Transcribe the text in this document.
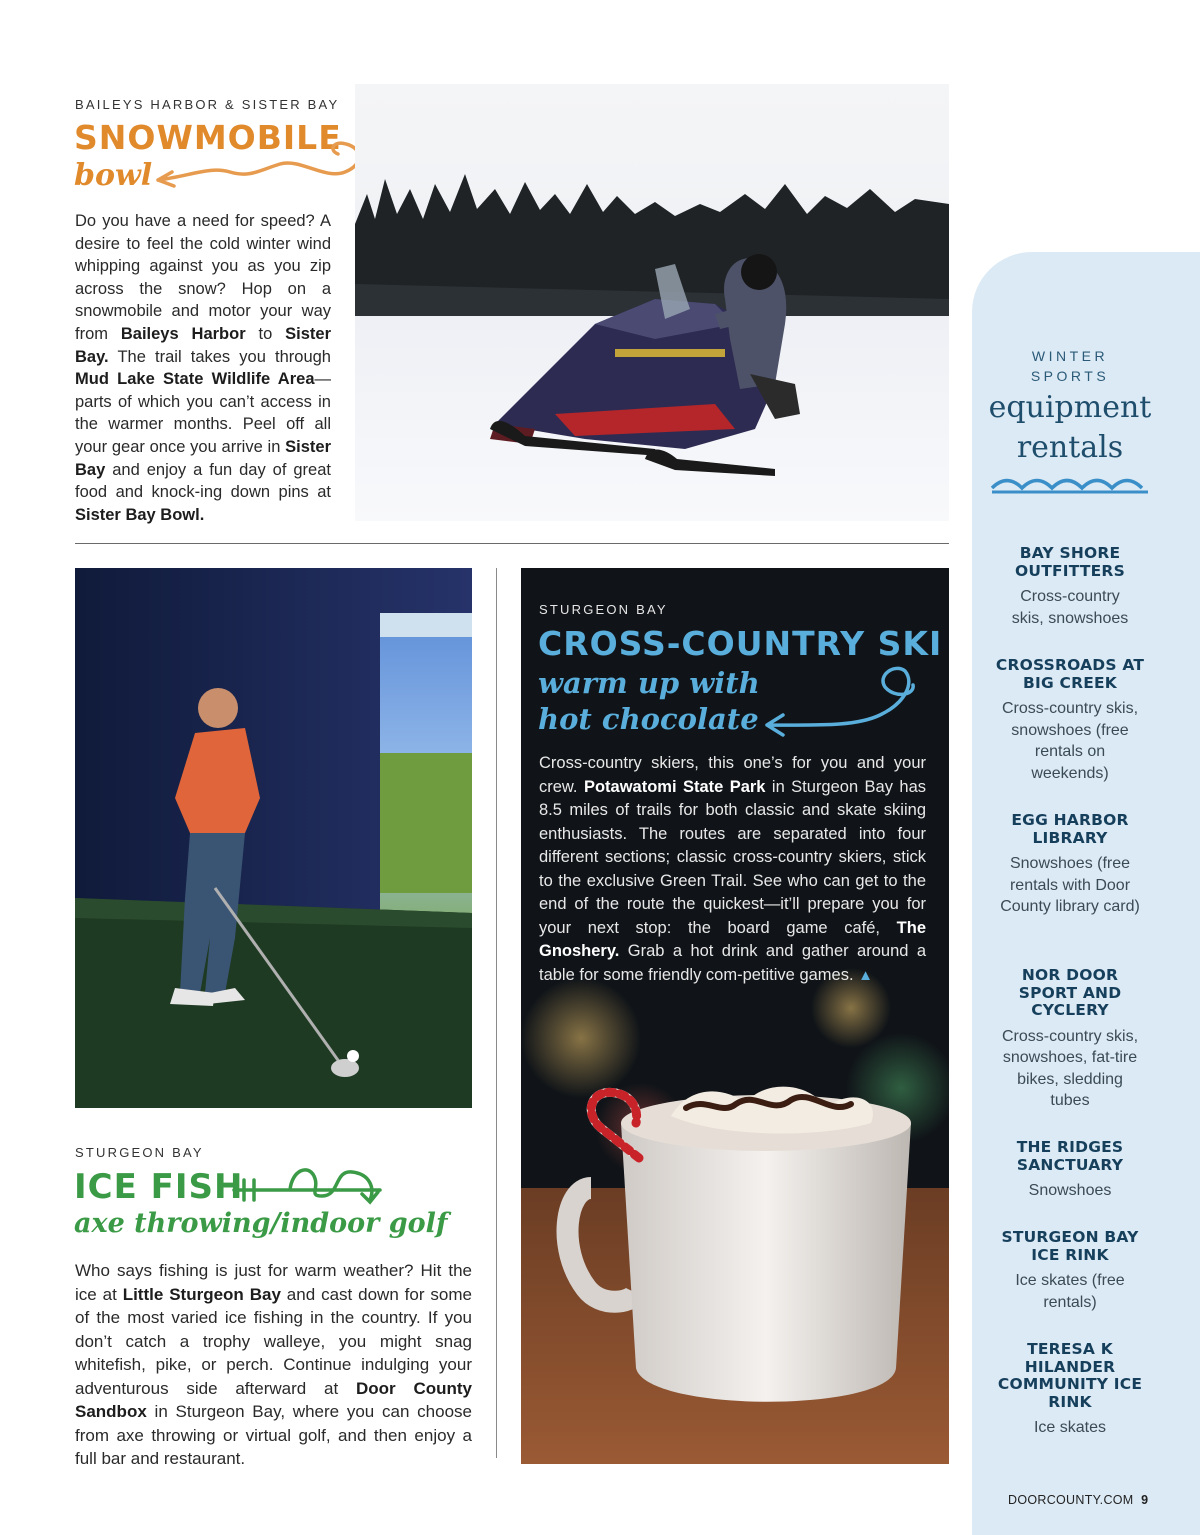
BAILEYS HARBOR & SISTER BAY
SNOWMOBILE
bowl

Do you have a need for speed? A desire to feel the cold winter wind whipping against you as you zip across the snow? Hop on a snowmobile and motor your way from Baileys Harbor to Sister Bay. The trail takes you through Mud Lake State Wildlife Area—parts of which you can’t access in the warmer months. Peel off all your gear once you arrive in Sister Bay and enjoy a fun day of great food and knock-ing down pins at Sister Bay Bowl.

STURGEON BAY
CROSS-COUNTRY SKI
warm up with
hot chocolate

Cross-country skiers, this one’s for you and your crew. Potawatomi State Park in Sturgeon Bay has 8.5 miles of trails for both classic and skate skiing enthusiasts. The routes are separated into four different sections; classic cross-country skiers, stick to the exclusive Green Trail. See who can get to the end of the route the quickest—it’ll prepare you for your next stop: the board game café, The Gnoshery. Grab a hot drink and gather around a table for some friendly com-petitive games. ▲

STURGEON BAY
ICE FISH
axe throwing/indoor golf

Who says fishing is just for warm weather? Hit the ice at Little Sturgeon Bay and cast down for some of the most varied ice fishing in the country. If you don’t catch a trophy walleye, you might snag whitefish, pike, or perch. Continue indulging your adventurous side afterward at Door County Sandbox in Sturgeon Bay, where you can choose from axe throwing or virtual golf, and then enjoy a full bar and restaurant.

WINTER
SPORTS
equipment
rentals
BAY SHORE OUTFITTERS
Cross-country skis, snowshoes
CROSSROADS AT BIG CREEK
Cross-country skis, snowshoes (free rentals on weekends)
EGG HARBOR LIBRARY
Snowshoes (free rentals with Door County library card)
NOR DOOR SPORT AND CYCLERY
Cross-country skis, snowshoes, fat-tire bikes, sledding tubes
THE RIDGES SANCTUARY
Snowshoes
STURGEON BAY ICE RINK
Ice skates (free rentals)
TERESA K HILANDER COMMUNITY ICE RINK
Ice skates
DOORCOUNTY.COM 9
